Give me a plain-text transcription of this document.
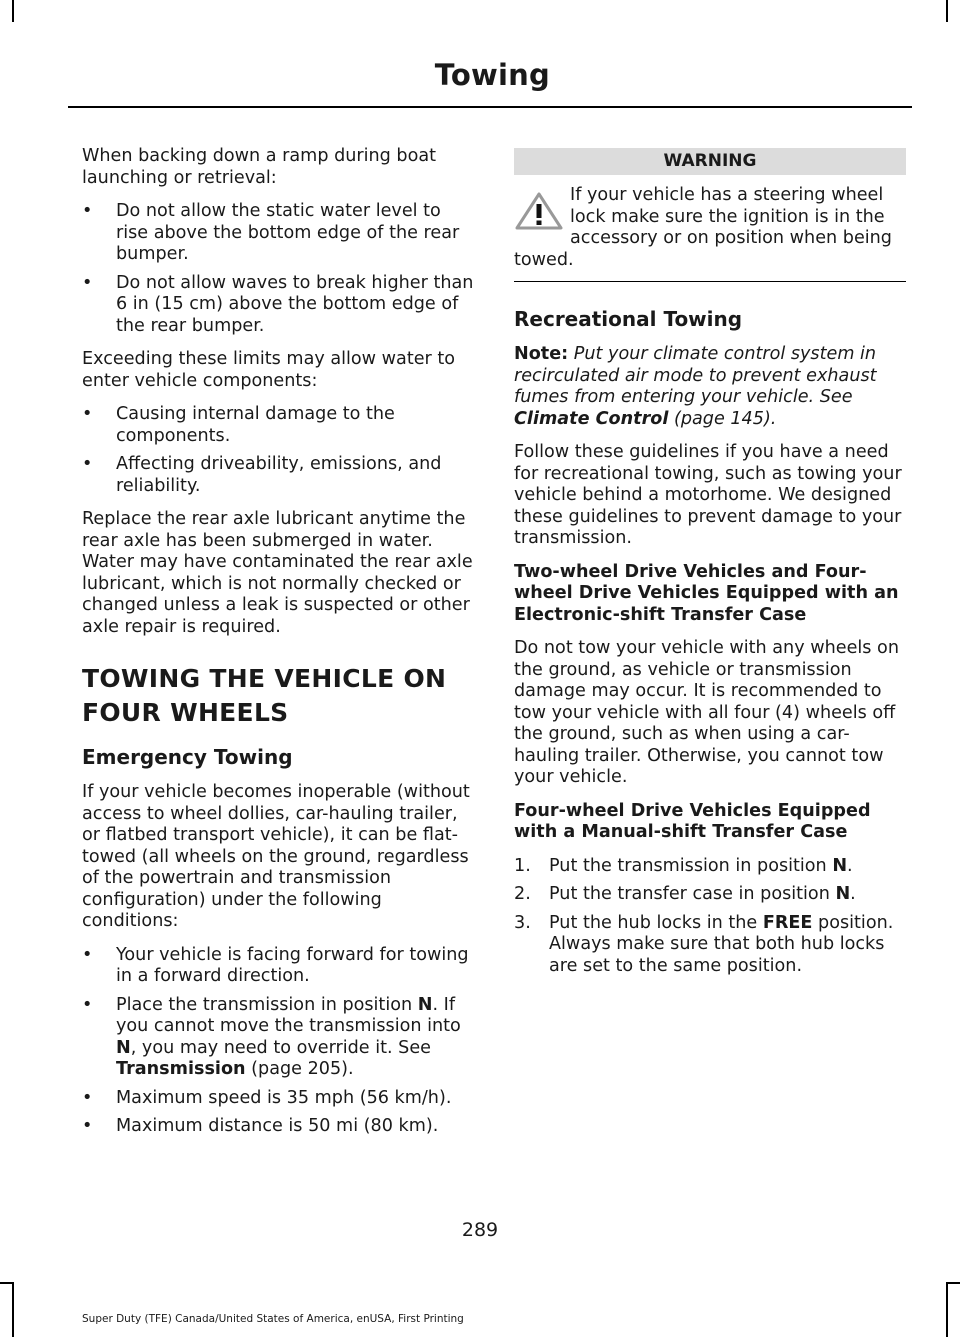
Towing

When backing down a ramp during boat launching or retrieval:

• Do not allow the static water level to rise above the bottom edge of the rear bumper.
• Do not allow waves to break higher than 6 in (15 cm) above the bottom edge of the rear bumper.

Exceeding these limits may allow water to enter vehicle components:

• Causing internal damage to the components.
• Affecting driveability, emissions, and reliability.

Replace the rear axle lubricant anytime the rear axle has been submerged in water. Water may have contaminated the rear axle lubricant, which is not normally checked or changed unless a leak is suspected or other axle repair is required.

TOWING THE VEHICLE ON
FOUR WHEELS
Emergency Towing

If your vehicle becomes inoperable (without access to wheel dollies, car-hauling trailer, or flatbed transport vehicle), it can be flat-towed (all wheels on the ground, regardless of the powertrain and transmission configuration) under the following conditions:

• Your vehicle is facing forward for towing in a forward direction.
• Place the transmission in position N. If you cannot move the transmission into N, you may need to override it. See Transmission (page 205).
• Maximum speed is 35 mph (56 km/h).
• Maximum distance is 50 mi (80 km).
WARNING
If your vehicle has a steering wheel lock make sure the ignition is in the accessory or on position when being towed.
Recreational Towing

Note: Put your climate control system in recirculated air mode to prevent exhaust fumes from entering your vehicle. See Climate Control (page 145).

Follow these guidelines if you have a need for recreational towing, such as towing your vehicle behind a motorhome. We designed these guidelines to prevent damage to your transmission.

Two-wheel Drive Vehicles and Four-wheel Drive Vehicles Equipped with an Electronic-shift Transfer Case

Do not tow your vehicle with any wheels on the ground, as vehicle or transmission damage may occur. It is recommended to tow your vehicle with all four (4) wheels off the ground, such as when using a car-hauling trailer. Otherwise, you cannot tow your vehicle.

Four-wheel Drive Vehicles Equipped with a Manual-shift Transfer Case
1. Put the transmission in position N.
2. Put the transfer case in position N.
3. Put the hub locks in the FREE position. Always make sure that both hub locks are set to the same position.
289
Super Duty (TFE) Canada/United States of America, enUSA, First Printing
